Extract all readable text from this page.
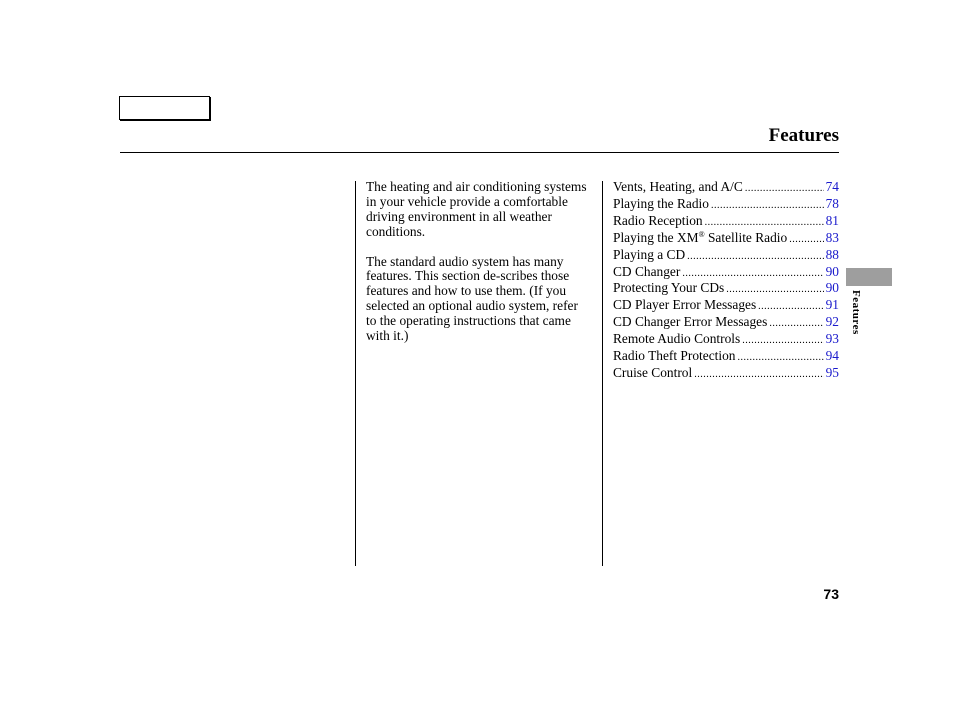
Features

The heating and air conditioning systems in your vehicle provide a comfortable driving environment in all weather conditions.

The standard audio system has many features. This section de-scribes those features and how to use them. (If you selected an optional audio system, refer to the operating instructions that came with it.)

Vents, Heating, and A/C .....	74
Playing the Radio .....	78
Radio Reception .....	81
Playing the XM® Satellite Radio .....	83
Playing a CD .....	88
CD Changer .....	90
Protecting Your CDs .....	90
CD Player Error Messages .....	91
CD Changer Error Messages .....	92
Remote Audio Controls .....	93
Radio Theft Protection .....	94
Cruise Control .....	95
Features
73
